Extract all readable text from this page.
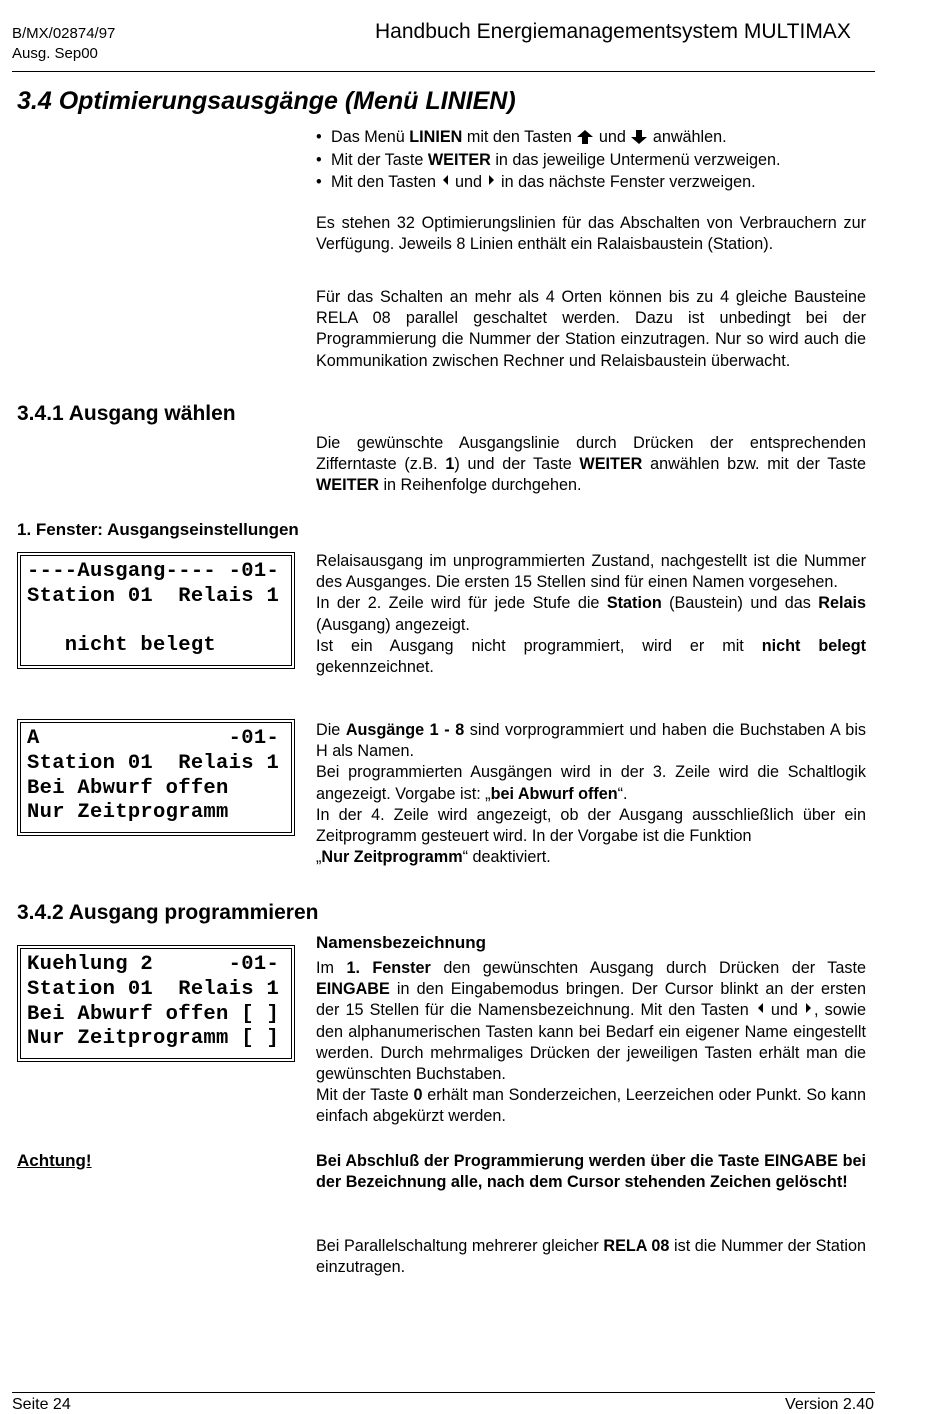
B/MX/02874/97
Ausg. Sep00
Handbuch Energiemanagementsystem MULTIMAX
3.4 Optimierungsausgänge (Menü LINIEN)
• Das Menü LINIEN mit den Tasten  und  anwählen.
• Mit der Taste WEITER in das jeweilige Untermenü verzweigen.
• Mit den Tasten  und  in das nächste Fenster verzweigen.

Es stehen 32 Optimierungslinien für das Abschalten von Verbrauchern zur Verfügung. Jeweils 8 Linien enthält ein Ralaisbaustein (Station).

Für das Schalten an mehr als 4 Orten können bis zu 4 gleiche Bausteine RELA 08 parallel geschaltet werden. Dazu ist unbedingt bei der Programmierung die Nummer der Station einzutragen. Nur so wird auch die Kommunikation zwischen Rechner und Relaisbaustein überwacht.

3.4.1 Ausgang wählen

Die gewünschte Ausgangslinie durch Drücken der entsprechenden Zifferntaste (z.B. 1) und der Taste WEITER anwählen bzw. mit der Taste WEITER in Reihenfolge durchgehen.

1. Fenster: Ausgangseinstellungen
----Ausgang---- -01-
Station 01  Relais 1
nicht belegt

Relaisausgang im unprogrammierten Zustand, nachgestellt ist die Nummer des Ausganges. Die ersten 15 Stellen sind für einen Namen vorgesehen.

In der 2. Zeile wird für jede Stufe die Station (Baustein) und das Relais (Ausgang) angezeigt.

Ist ein Ausgang nicht programmiert, wird er mit nicht belegt gekennzeichnet.

A               -01-
Station 01  Relais 1
Bei Abwurf offen
Nur Zeitprogramm

Die Ausgänge 1 - 8 sind vorprogrammiert und haben die Buchstaben A bis H als Namen.

Bei programmierten Ausgängen wird in der 3. Zeile wird die Schaltlogik angezeigt. Vorgabe ist: „bei Abwurf offen“.

In der 4. Zeile wird angezeigt, ob der Ausgang ausschließlich über ein Zeitprogramm gesteuert wird. In der Vorgabe ist die Funktion

„Nur Zeitprogramm“ deaktiviert.

3.4.2 Ausgang programmieren
Kuehlung 2      -01-
Station 01  Relais 1
Bei Abwurf offen [ ]
Nur Zeitprogramm [ ]
Namensbezeichnung

Im 1. Fenster den gewünschten Ausgang durch Drücken der Taste EINGABE in den Eingabemodus bringen. Der Cursor blinkt an der ersten der 15 Stellen für die Namensbezeichnung. Mit den Tasten  und , sowie den alphanumerischen Tasten kann bei Bedarf ein eigener Name eingestellt werden. Durch mehrmaliges Drücken der jeweiligen Tasten erhält man die gewünschten Buchstaben.

Mit der Taste 0 erhält man Sonderzeichen, Leerzeichen oder Punkt. So kann einfach abgekürzt werden.

Achtung!	Bei Abschluß der Programmierung werden über die Taste EINGABE bei der Bezeichnung alle, nach dem Cursor stehenden Zeichen gelöscht!

Bei Parallelschaltung mehrerer gleicher RELA 08 ist die Nummer der Station einzutragen.

Seite 24	Version 2.40
